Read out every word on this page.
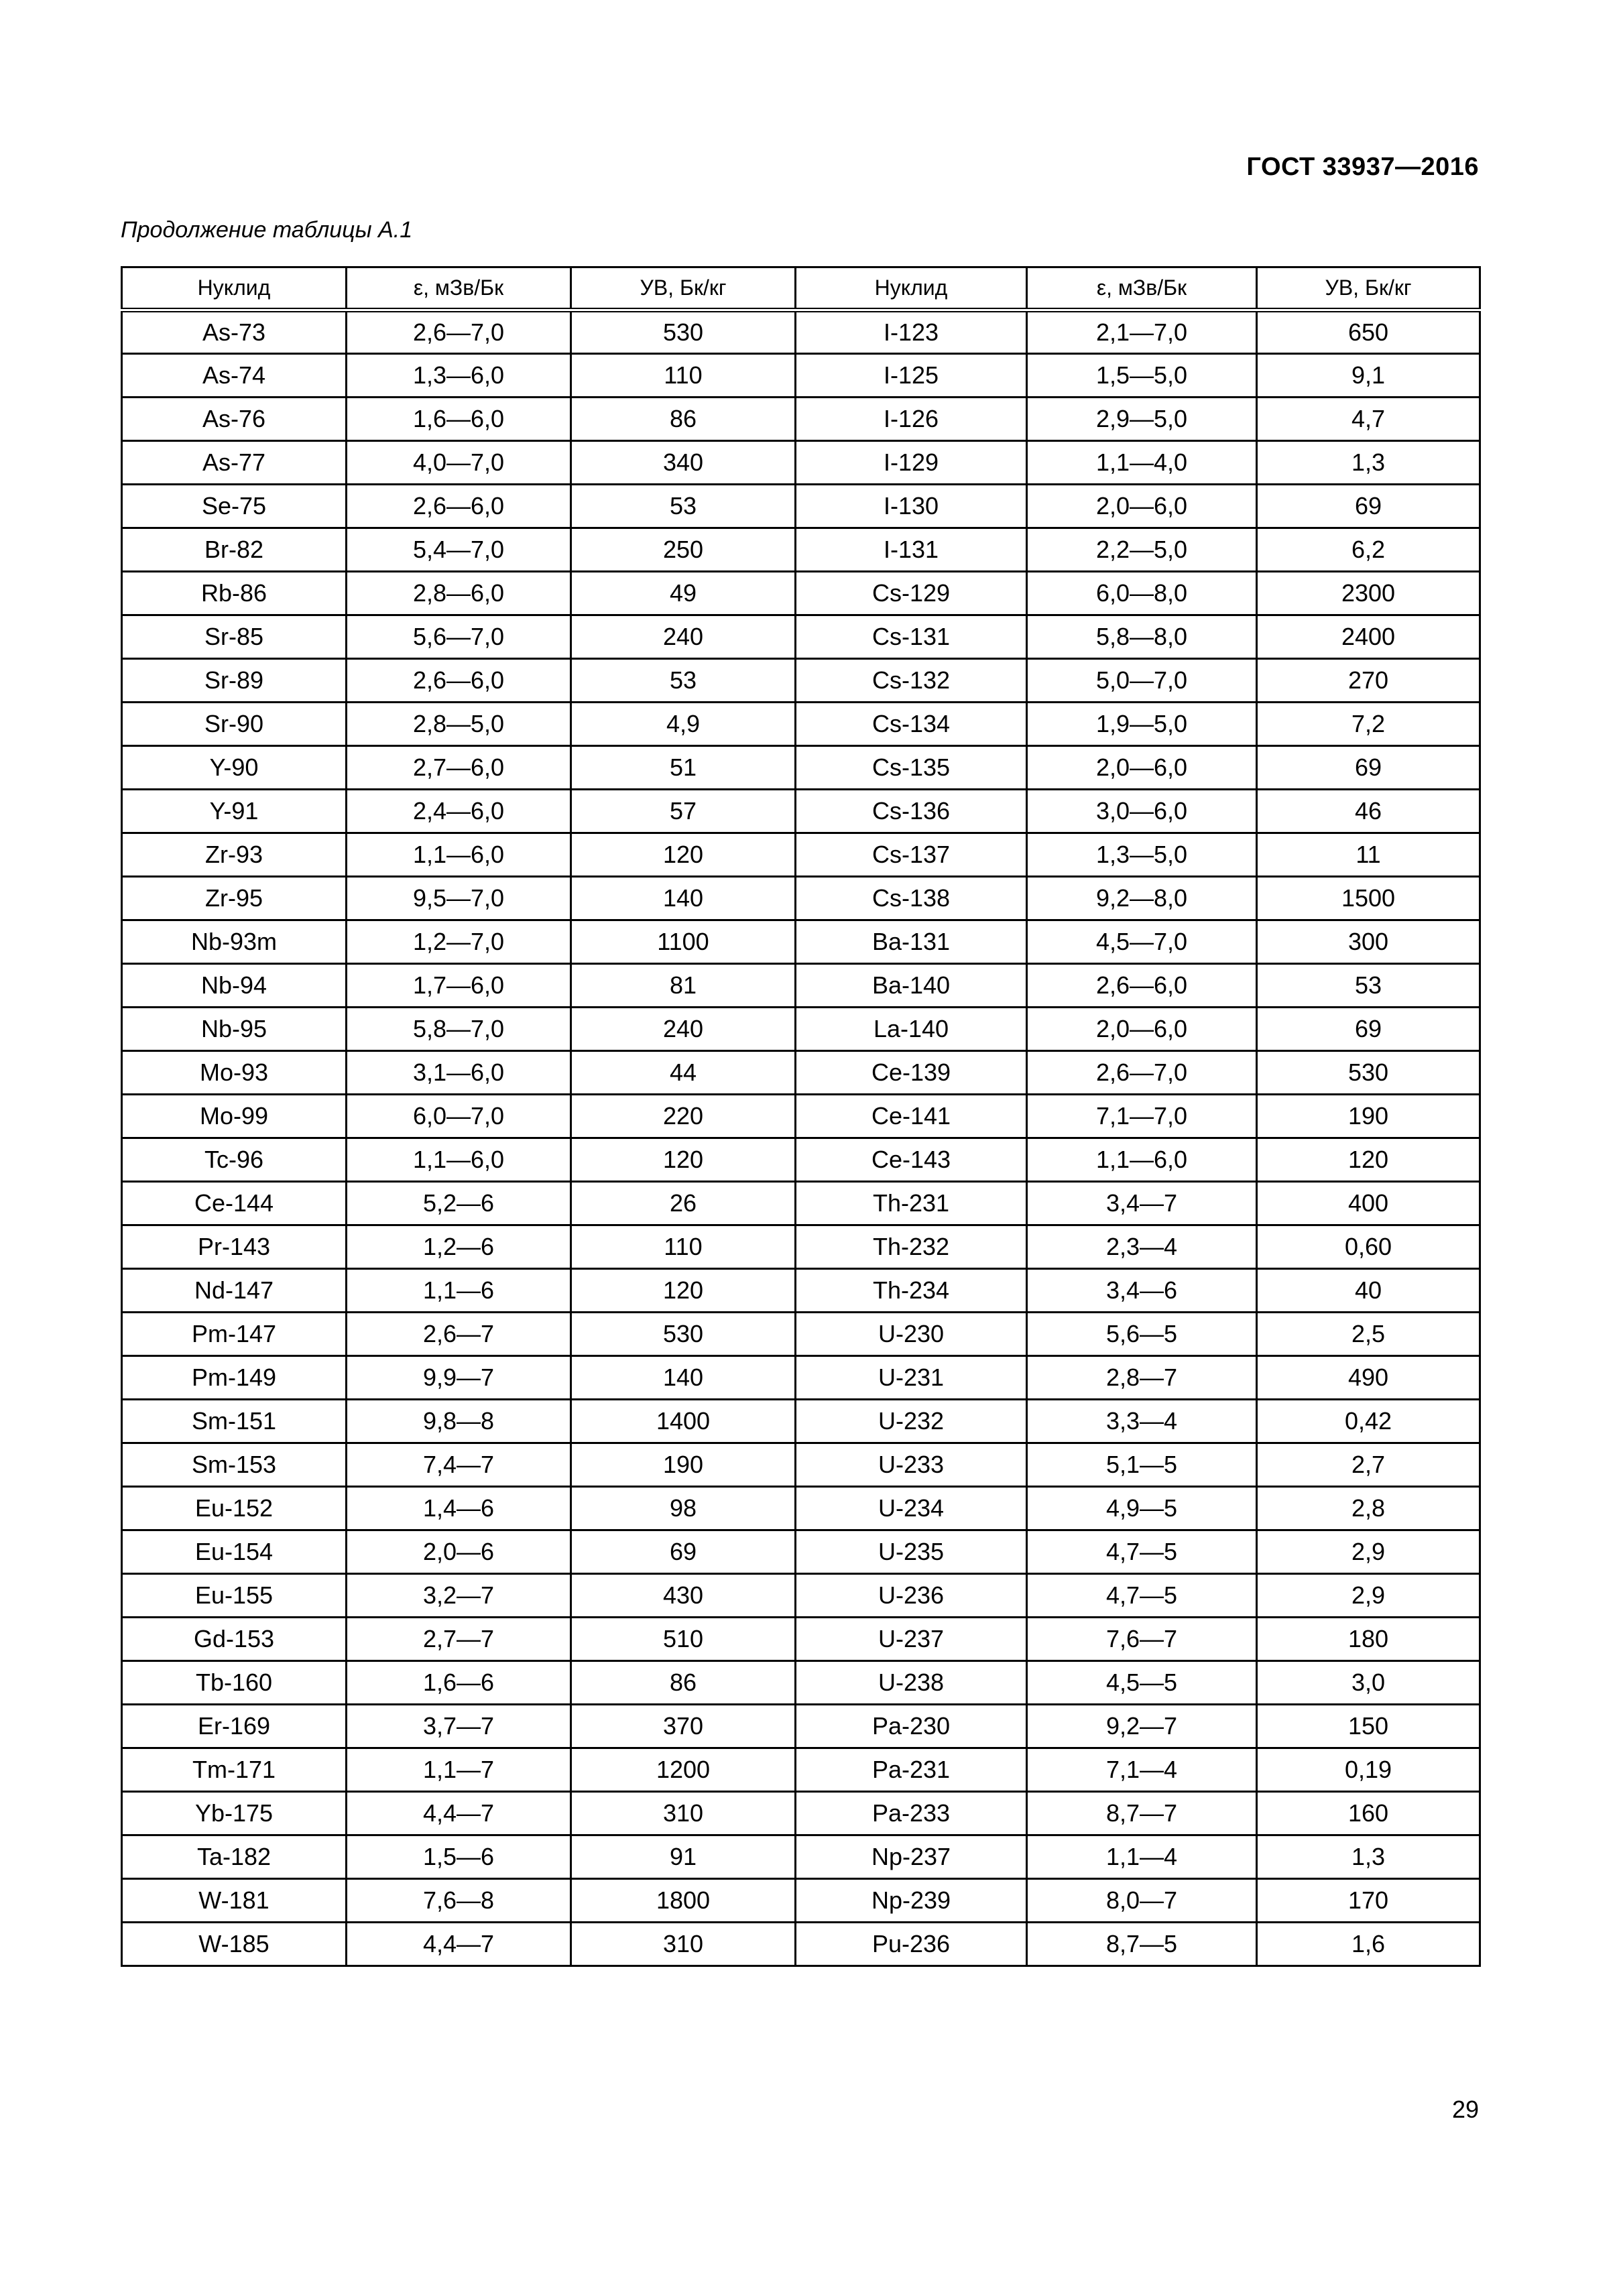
ГОСТ 33937—2016
Продолжение таблицы А.1
Нуклид	ε, мЗв/Бк	УВ, Бк/кг	Нуклид	ε, мЗв/Бк	УВ, Бк/кг
As-73	2,6—7,0	530	I-123	2,1—7,0	650
As-74	1,3—6,0	110	I-125	1,5—5,0	9,1
As-76	1,6—6,0	86	I-126	2,9—5,0	4,7
As-77	4,0—7,0	340	I-129	1,1—4,0	1,3
Se-75	2,6—6,0	53	I-130	2,0—6,0	69
Br-82	5,4—7,0	250	I-131	2,2—5,0	6,2
Rb-86	2,8—6,0	49	Cs-129	6,0—8,0	2300
Sr-85	5,6—7,0	240	Cs-131	5,8—8,0	2400
Sr-89	2,6—6,0	53	Cs-132	5,0—7,0	270
Sr-90	2,8—5,0	4,9	Cs-134	1,9—5,0	7,2
Y-90	2,7—6,0	51	Cs-135	2,0—6,0	69
Y-91	2,4—6,0	57	Cs-136	3,0—6,0	46
Zr-93	1,1—6,0	120	Cs-137	1,3—5,0	11
Zr-95	9,5—7,0	140	Cs-138	9,2—8,0	1500
Nb-93m	1,2—7,0	1100	Ba-131	4,5—7,0	300
Nb-94	1,7—6,0	81	Ba-140	2,6—6,0	53
Nb-95	5,8—7,0	240	La-140	2,0—6,0	69
Mo-93	3,1—6,0	44	Ce-139	2,6—7,0	530
Mo-99	6,0—7,0	220	Ce-141	7,1—7,0	190
Tc-96	1,1—6,0	120	Ce-143	1,1—6,0	120
Ce-144	5,2—6	26	Th-231	3,4—7	400
Pr-143	1,2—6	110	Th-232	2,3—4	0,60
Nd-147	1,1—6	120	Th-234	3,4—6	40
Pm-147	2,6—7	530	U-230	5,6—5	2,5
Pm-149	9,9—7	140	U-231	2,8—7	490
Sm-151	9,8—8	1400	U-232	3,3—4	0,42
Sm-153	7,4—7	190	U-233	5,1—5	2,7
Eu-152	1,4—6	98	U-234	4,9—5	2,8
Eu-154	2,0—6	69	U-235	4,7—5	2,9
Eu-155	3,2—7	430	U-236	4,7—5	2,9
Gd-153	2,7—7	510	U-237	7,6—7	180
Tb-160	1,6—6	86	U-238	4,5—5	3,0
Er-169	3,7—7	370	Pa-230	9,2—7	150
Tm-171	1,1—7	1200	Pa-231	7,1—4	0,19
Yb-175	4,4—7	310	Pa-233	8,7—7	160
Ta-182	1,5—6	91	Np-237	1,1—4	1,3
W-181	7,6—8	1800	Np-239	8,0—7	170
W-185	4,4—7	310	Pu-236	8,7—5	1,6
29
